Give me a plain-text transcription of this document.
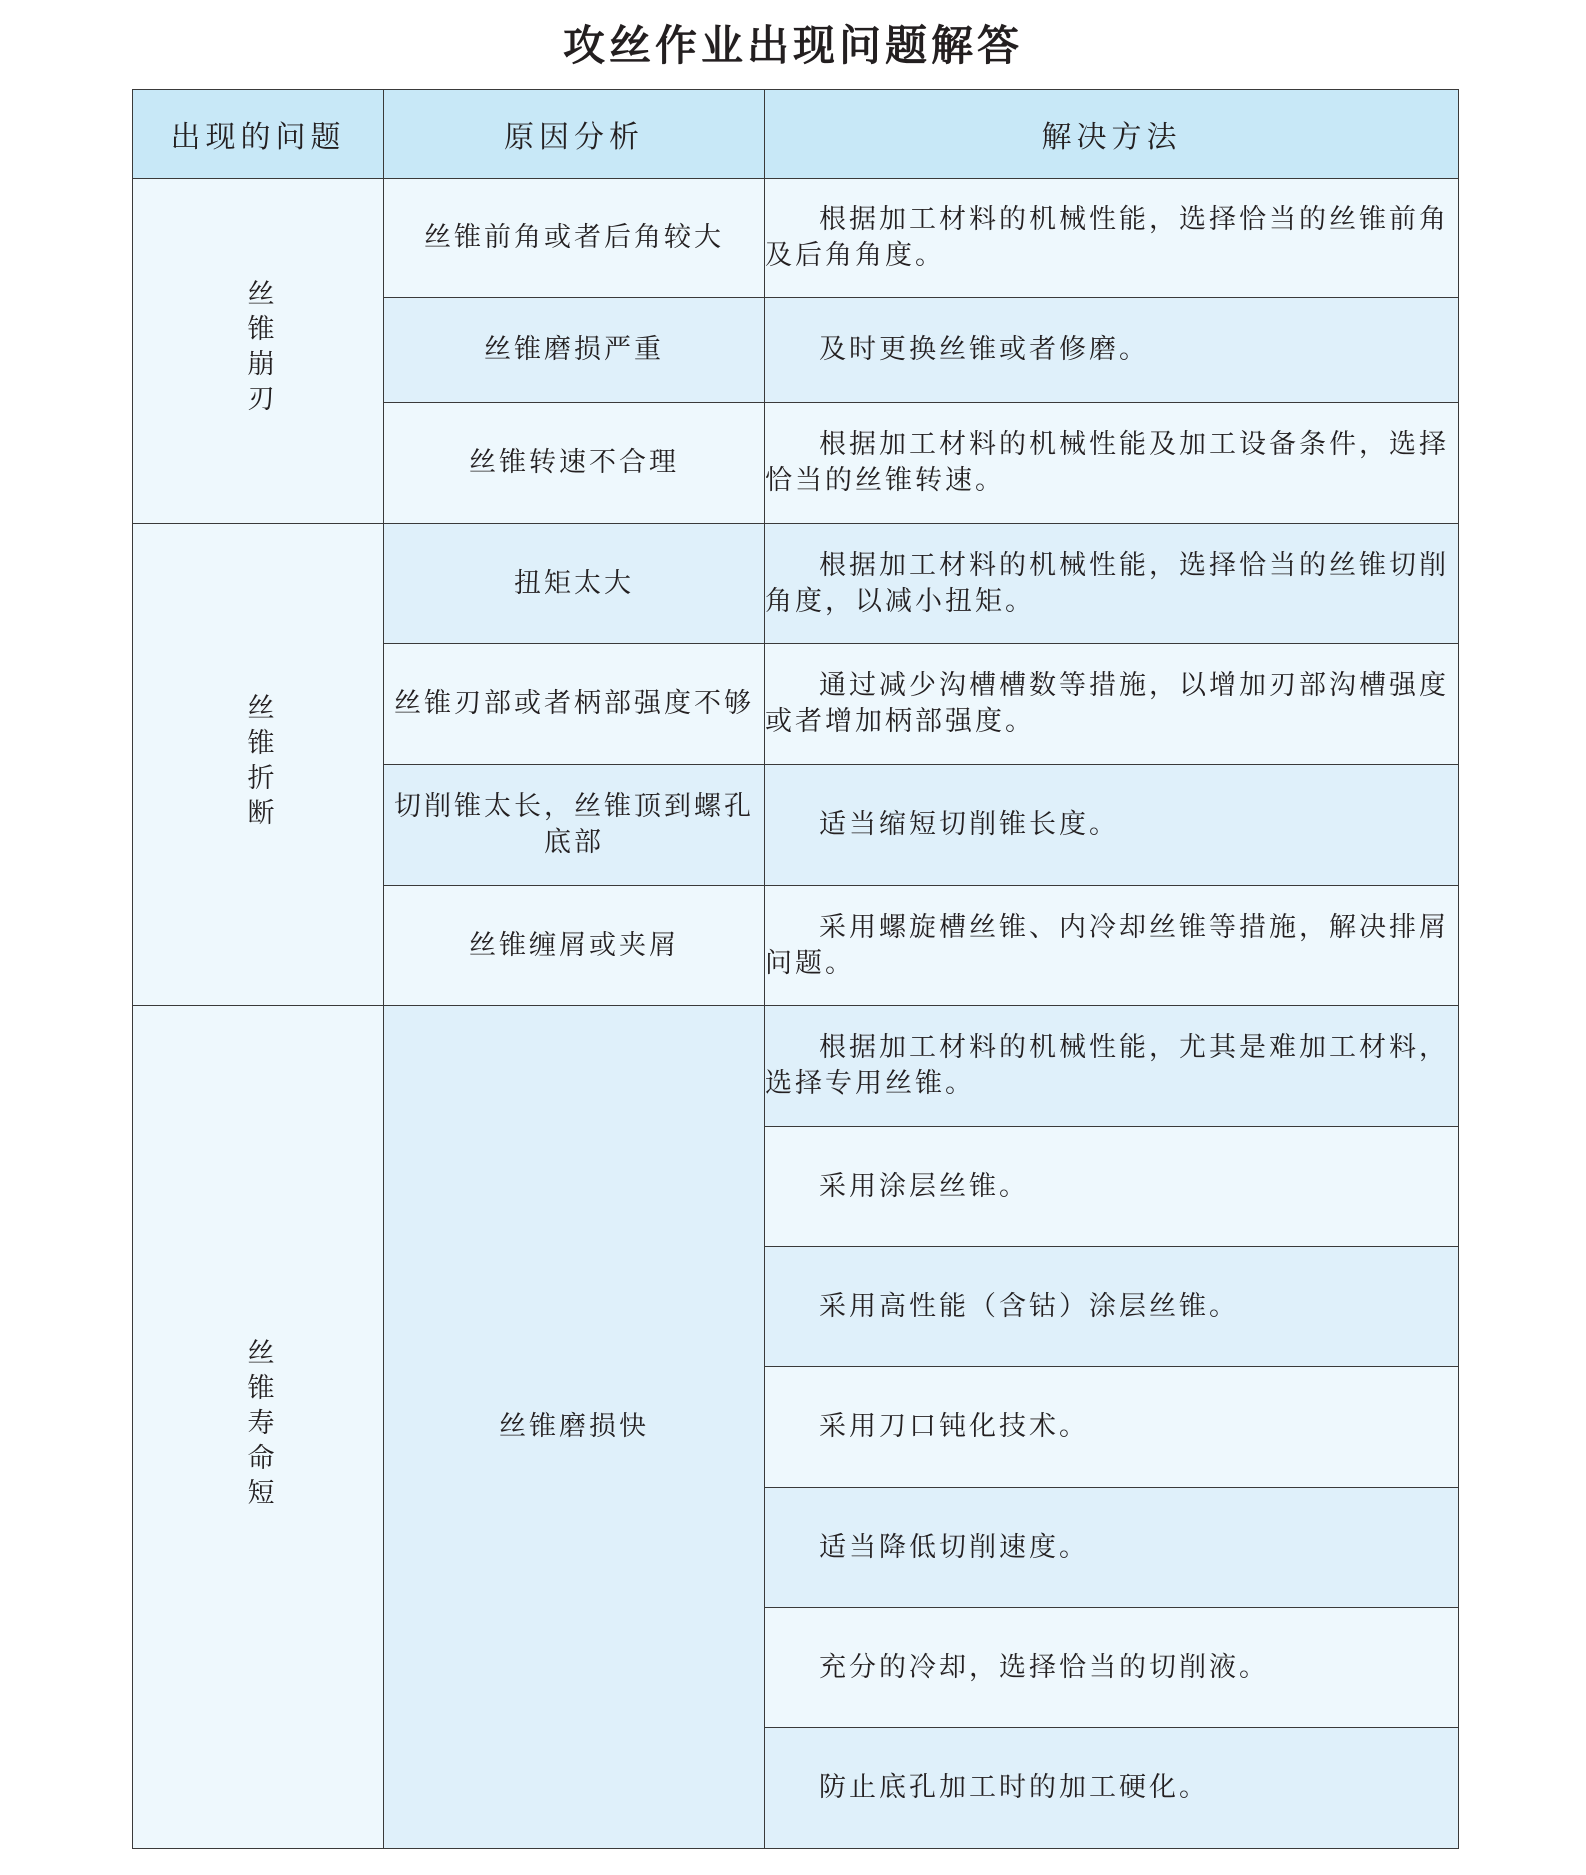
攻丝作业出现问题解答
出现的问题	原因分析	解决方法
丝锥崩刃	丝锥前角或者后角较大	根据加工材料的机械性能，选择恰当的丝锥前角及后角角度。
	丝锥磨损严重	及时更换丝锥或者修磨。
	丝锥转速不合理	根据加工材料的机械性能及加工设备条件，选择恰当的丝锥转速。
丝锥折断	扭矩太大	根据加工材料的机械性能，选择恰当的丝锥切削角度，以减小扭矩。
	丝锥刃部或者柄部强度不够	通过减少沟槽槽数等措施，以增加刃部沟槽强度或者增加柄部强度。
	切削锥太长，丝锥顶到螺孔底部	适当缩短切削锥长度。
	丝锥缠屑或夹屑	采用螺旋槽丝锥、内冷却丝锥等措施，解决排屑问题。
丝锥寿命短	丝锥磨损快	根据加工材料的机械性能，尤其是难加工材料，选择专用丝锥。
		采用涂层丝锥。
		采用高性能（含钴）涂层丝锥。
		采用刀口钝化技术。
		适当降低切削速度。
		充分的冷却，选择恰当的切削液。
		防止底孔加工时的加工硬化。
